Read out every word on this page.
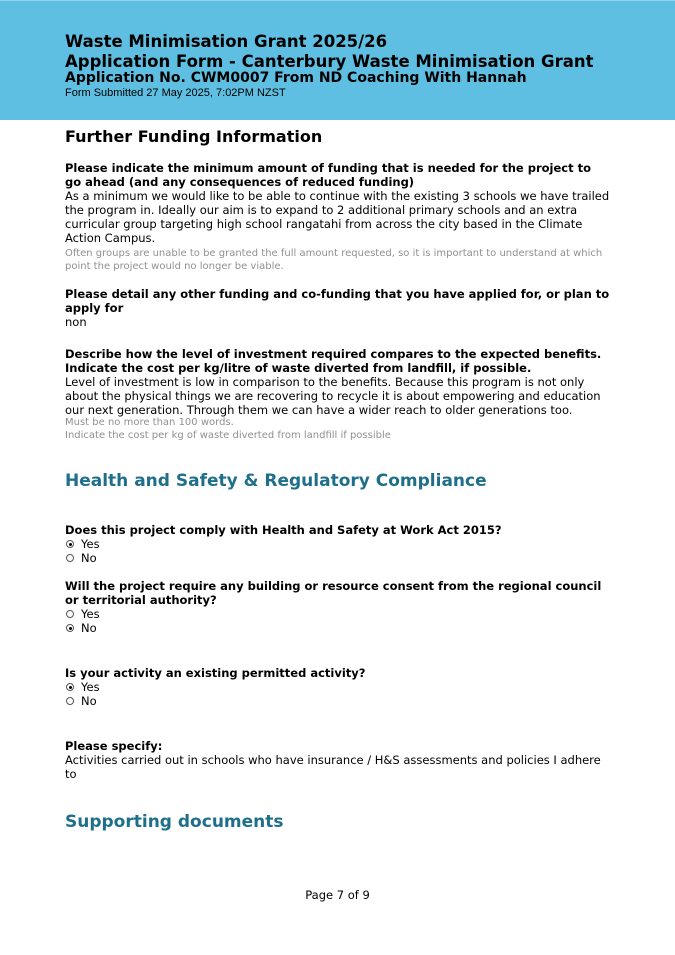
Waste Minimisation Grant 2025/26
Application Form - Canterbury Waste Minimisation Grant
Application No. CWM0007 From ND Coaching With Hannah
Form Submitted 27 May 2025, 7:02PM NZST
Further Funding Information
Please indicate the minimum amount of funding that is needed for the project to go ahead (and any consequences of reduced funding)
As a minimum we would like to be able to continue with the existing 3 schools we have trailed the program in. Ideally our aim is to expand to 2 additional primary schools and an extra curricular group targeting high school rangatahi from across the city based in the Climate Action Campus.
Often groups are unable to be granted the full amount requested, so it is important to understand at which point the project would no longer be viable.
Please detail any other funding and co-funding that you have applied for, or plan to apply for
non
Describe how the level of investment required compares to the expected benefits. Indicate the cost per kg/litre of waste diverted from landfill, if possible.
Level of investment is low in comparison to the benefits. Because this program is not only about the physical things we are recovering to recycle it is about empowering and education our next generation. Through them we can have a wider reach to older generations too.
Must be no more than 100 words.
Indicate the cost per kg of waste diverted from landfill if possible
Health and Safety & Regulatory Compliance
Does this project comply with Health and Safety at Work Act 2015?
Yes
No
Will the project require any building or resource consent from the regional council or territorial authority?
Yes
No
Is your activity an existing permitted activity?
Yes
No
Please specify:
Activities carried out in schools who have insurance / H&S assessments and policies I adhere to
Supporting documents
Page 7 of 9
